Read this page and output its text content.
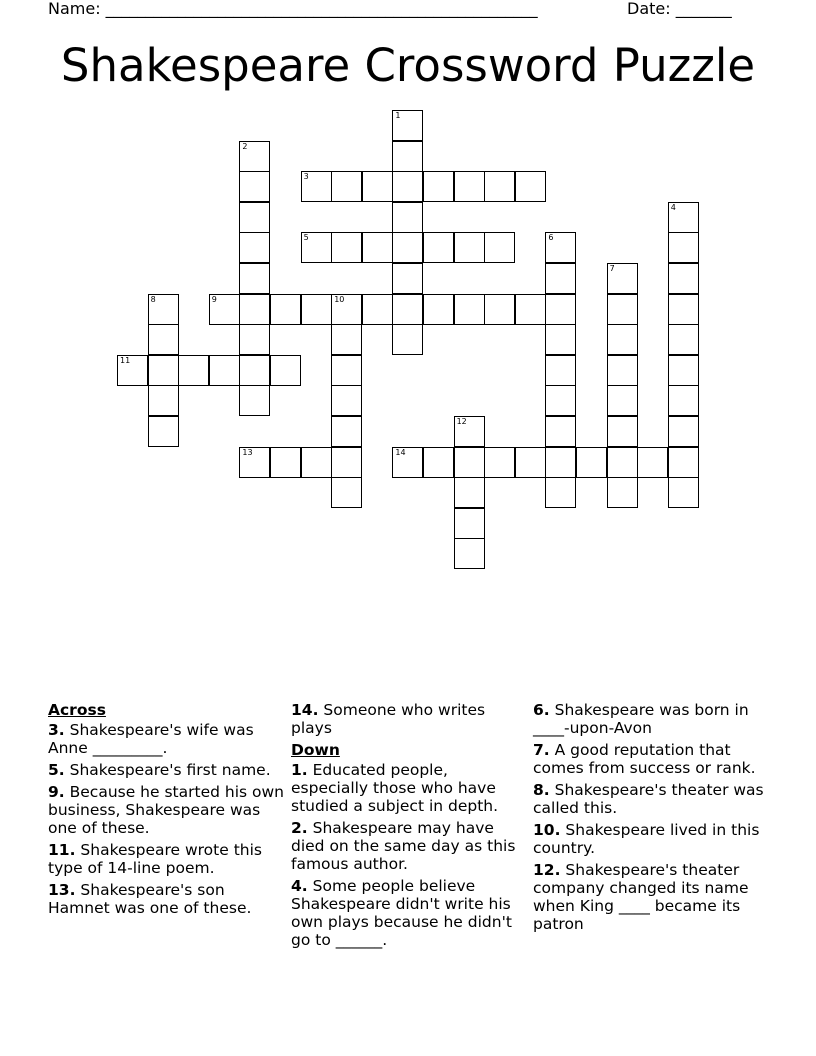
Name: ______________________________________________________	Date: _______
Shakespeare Crossword Puzzle
3
5
9	10
11
13	14
1
2
4
6
7
8
12
Across
3. Shakespeare's wife was Anne _________.
5. Shakespeare's first name.
9. Because he started his own business, Shakespeare was one of these.
11. Shakespeare wrote this type of 14-line poem.
13. Shakespeare's son Hamnet was one of these.
14. Someone who writes plays
Down
1. Educated people, especially those who have studied a subject in depth.
2. Shakespeare may have died on the same day as this famous author.
4. Some people believe Shakespeare didn't write his own plays because he didn't go to ______.
6. Shakespeare was born in ____-upon-Avon
7. A good reputation that comes from success or rank.
8. Shakespeare's theater was called this.
10. Shakespeare lived in this country.
12. Shakespeare's theater company changed its name when King ____ became its patron
